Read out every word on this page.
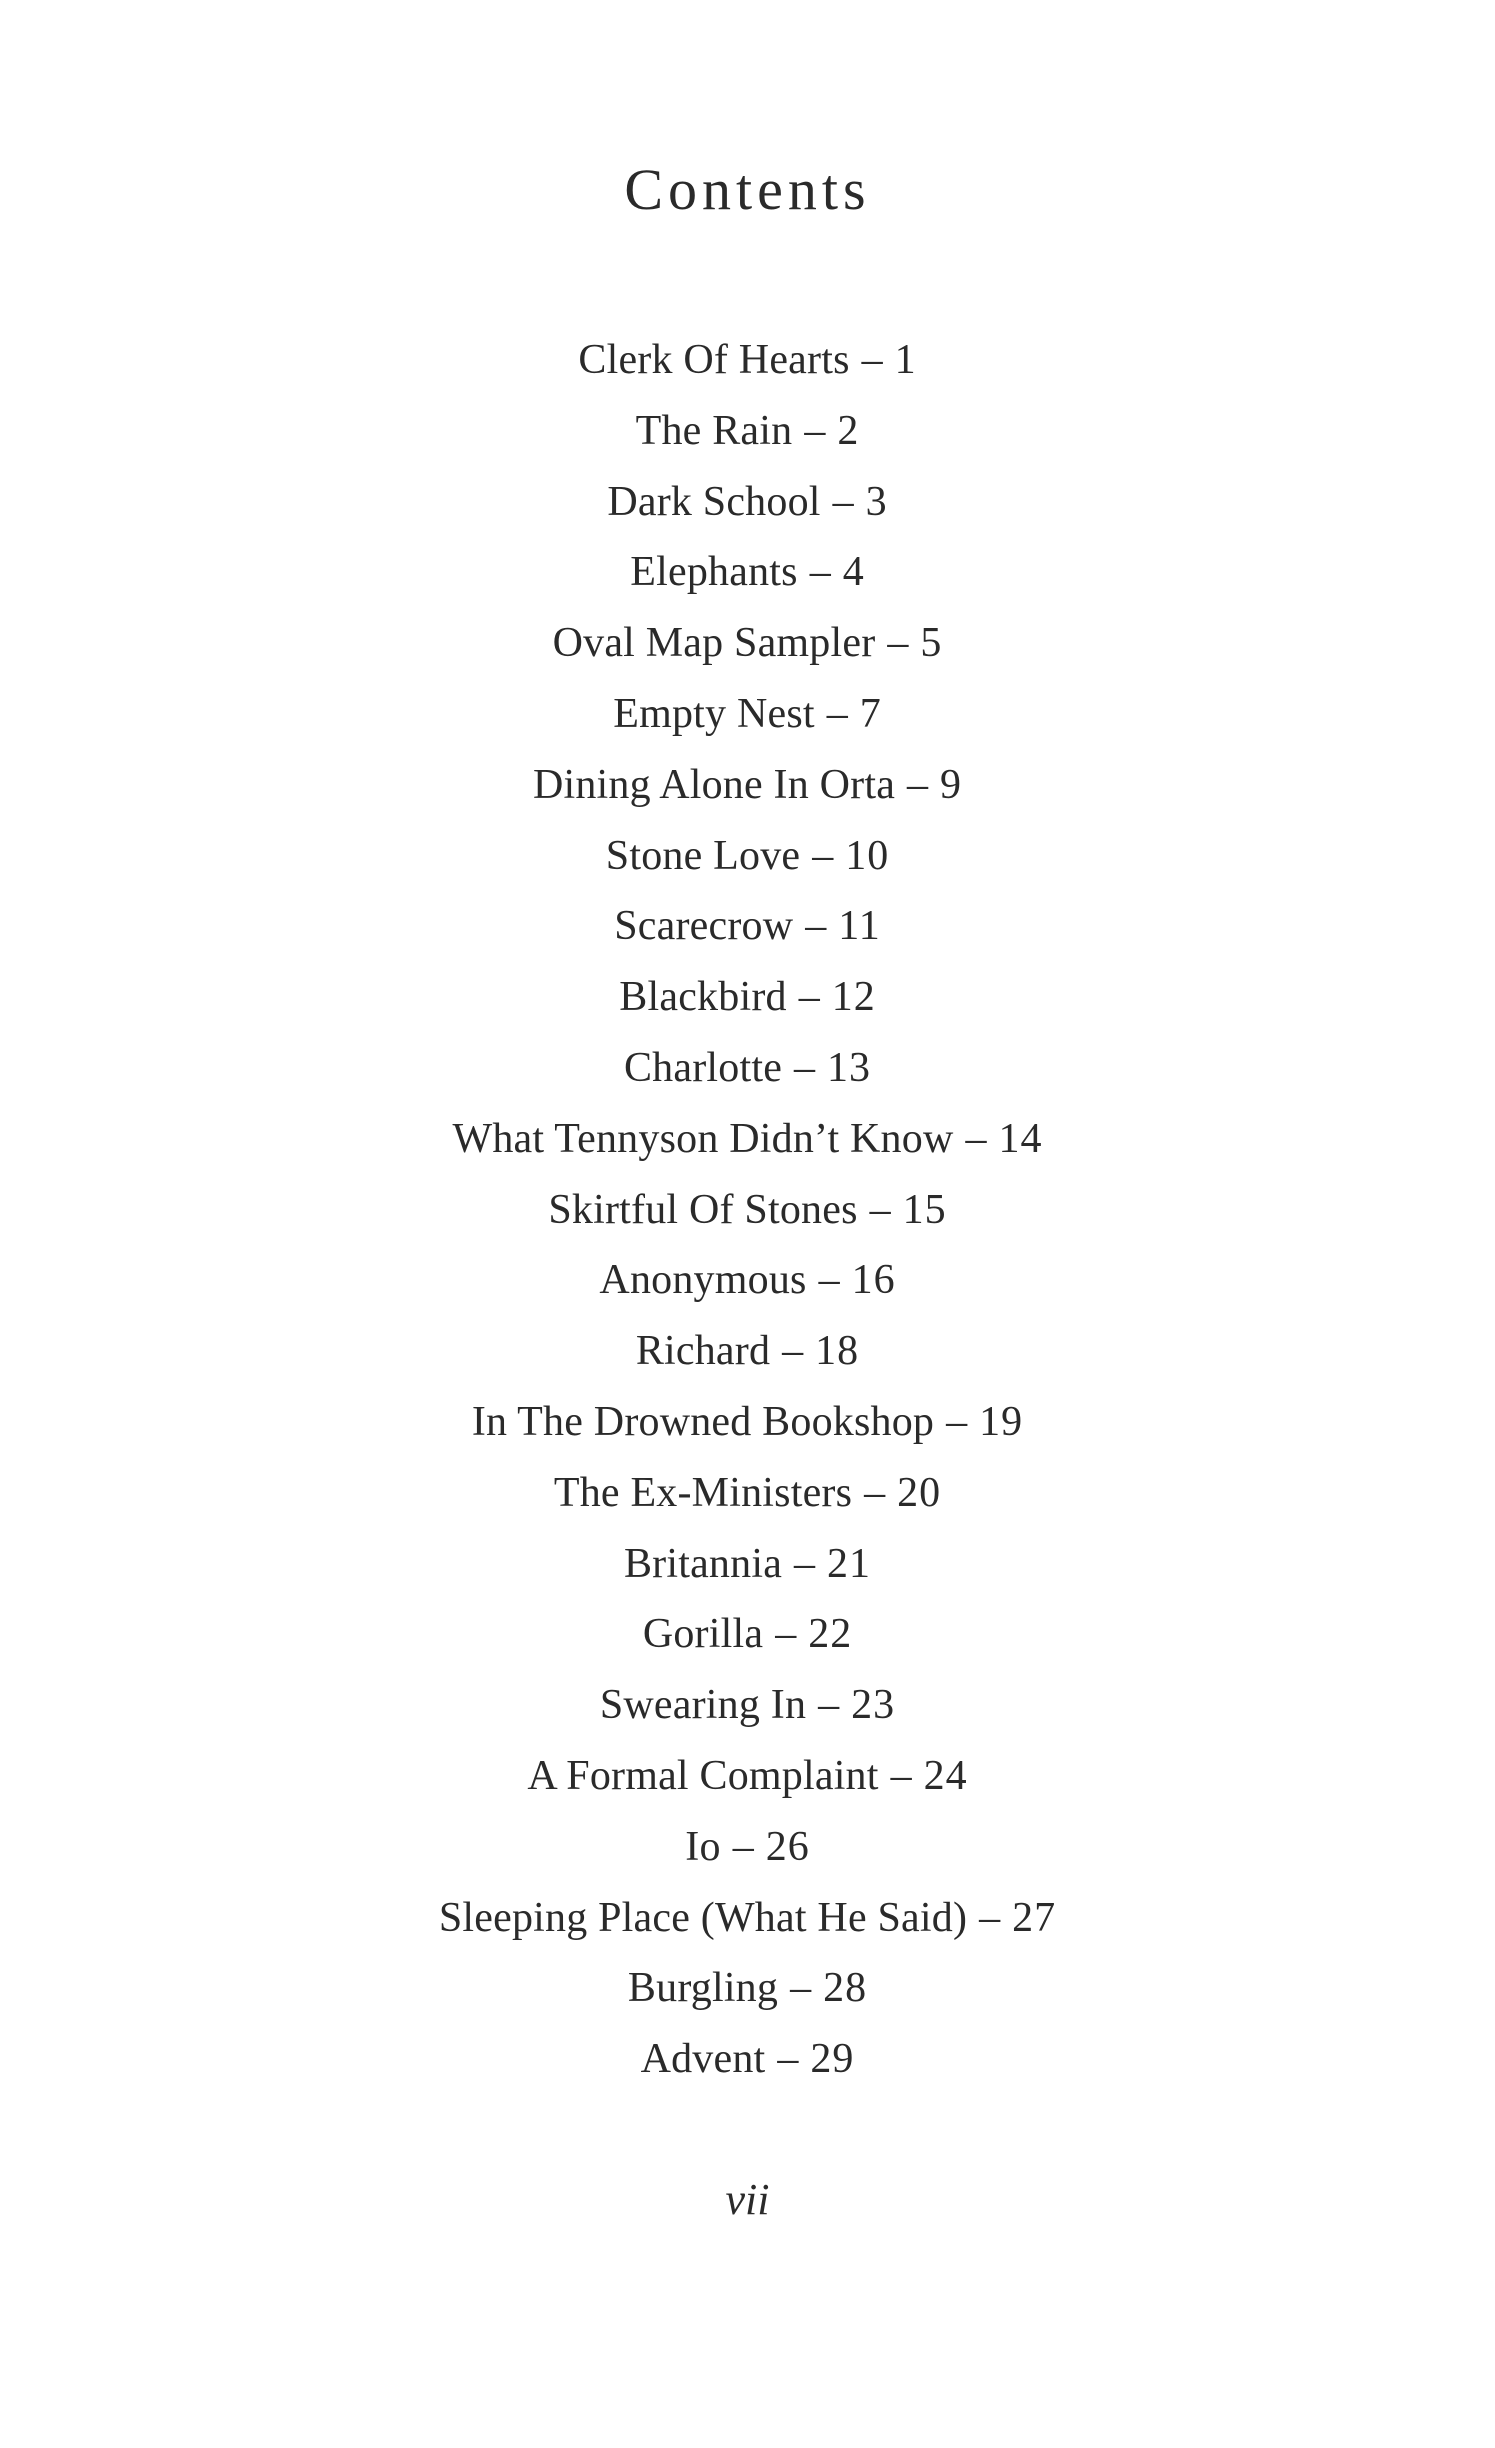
Contents
Clerk Of Hearts – 1
The Rain – 2
Dark School – 3
Elephants – 4
Oval Map Sampler – 5
Empty Nest – 7
Dining Alone In Orta – 9
Stone Love – 10
Scarecrow – 11
Blackbird – 12
Charlotte – 13
What Tennyson Didn’t Know – 14
Skirtful Of Stones – 15
Anonymous – 16
Richard – 18
In The Drowned Bookshop – 19
The Ex-Ministers – 20
Britannia – 21
Gorilla – 22
Swearing In – 23
A Formal Complaint – 24
Io – 26
Sleeping Place (What He Said) – 27
Burgling – 28
Advent – 29
vii
